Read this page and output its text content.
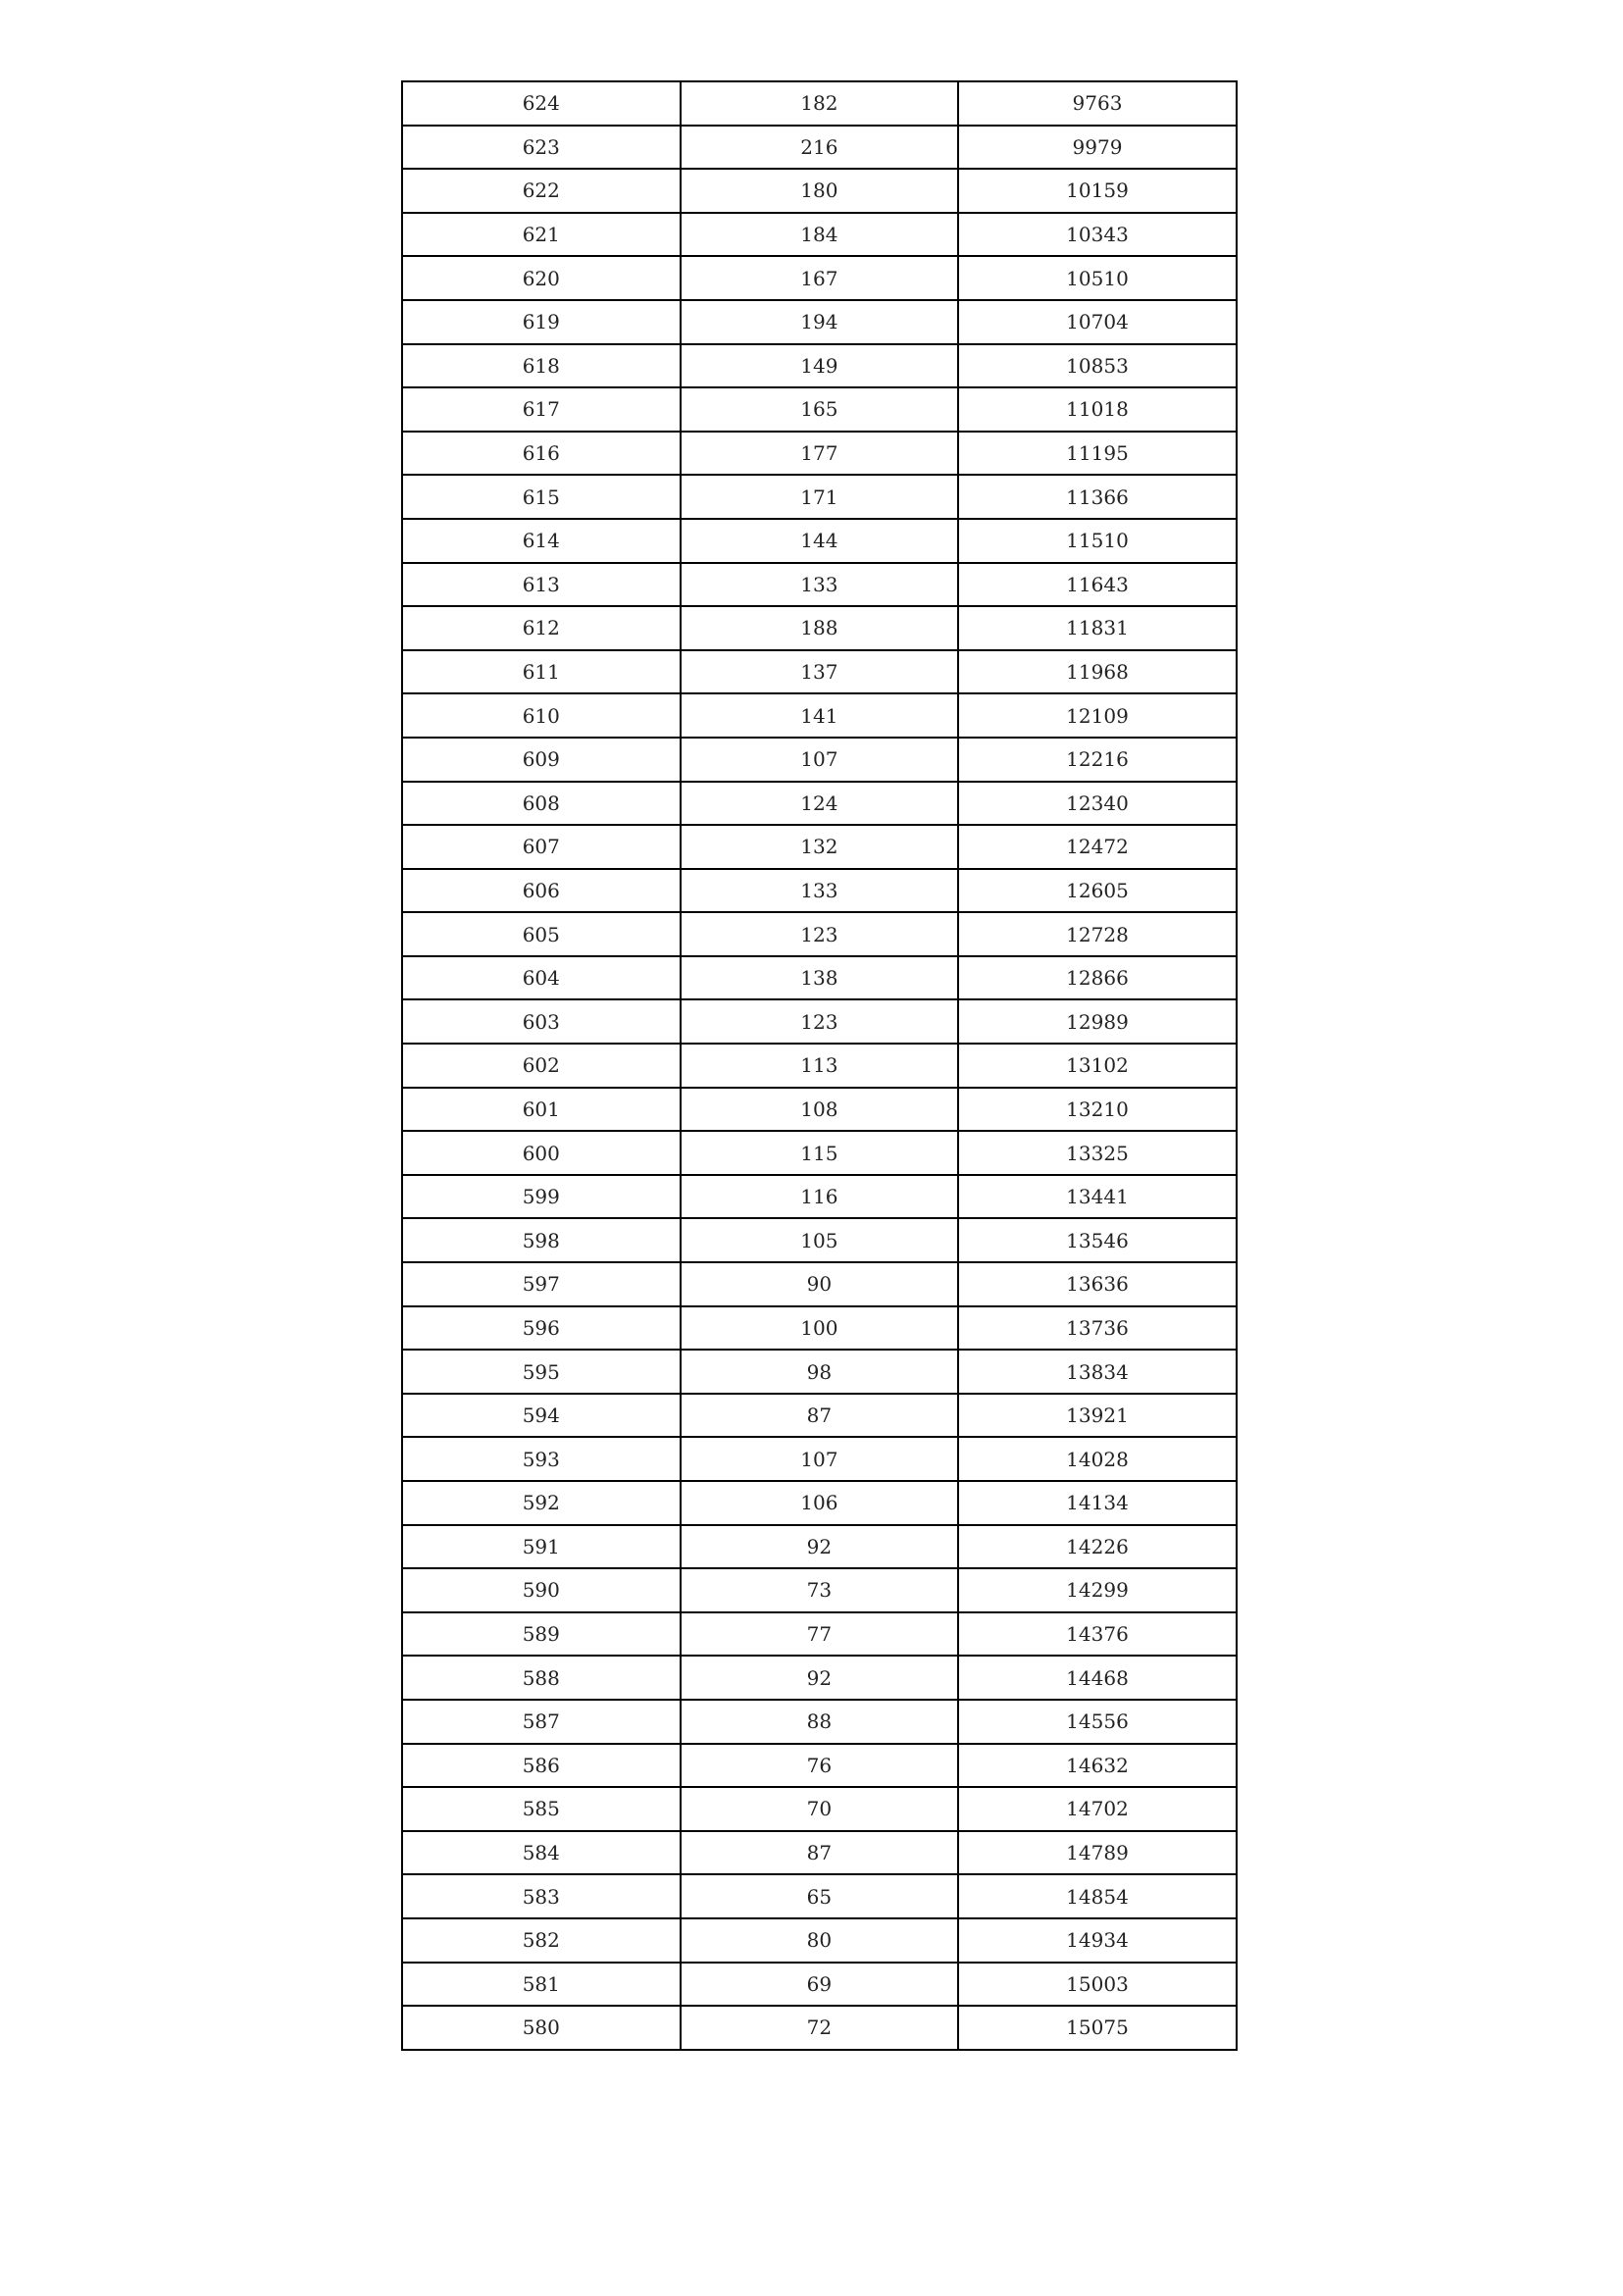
624	182	9763
623	216	9979
622	180	10159
621	184	10343
620	167	10510
619	194	10704
618	149	10853
617	165	11018
616	177	11195
615	171	11366
614	144	11510
613	133	11643
612	188	11831
611	137	11968
610	141	12109
609	107	12216
608	124	12340
607	132	12472
606	133	12605
605	123	12728
604	138	12866
603	123	12989
602	113	13102
601	108	13210
600	115	13325
599	116	13441
598	105	13546
597	90	13636
596	100	13736
595	98	13834
594	87	13921
593	107	14028
592	106	14134
591	92	14226
590	73	14299
589	77	14376
588	92	14468
587	88	14556
586	76	14632
585	70	14702
584	87	14789
583	65	14854
582	80	14934
581	69	15003
580	72	15075
